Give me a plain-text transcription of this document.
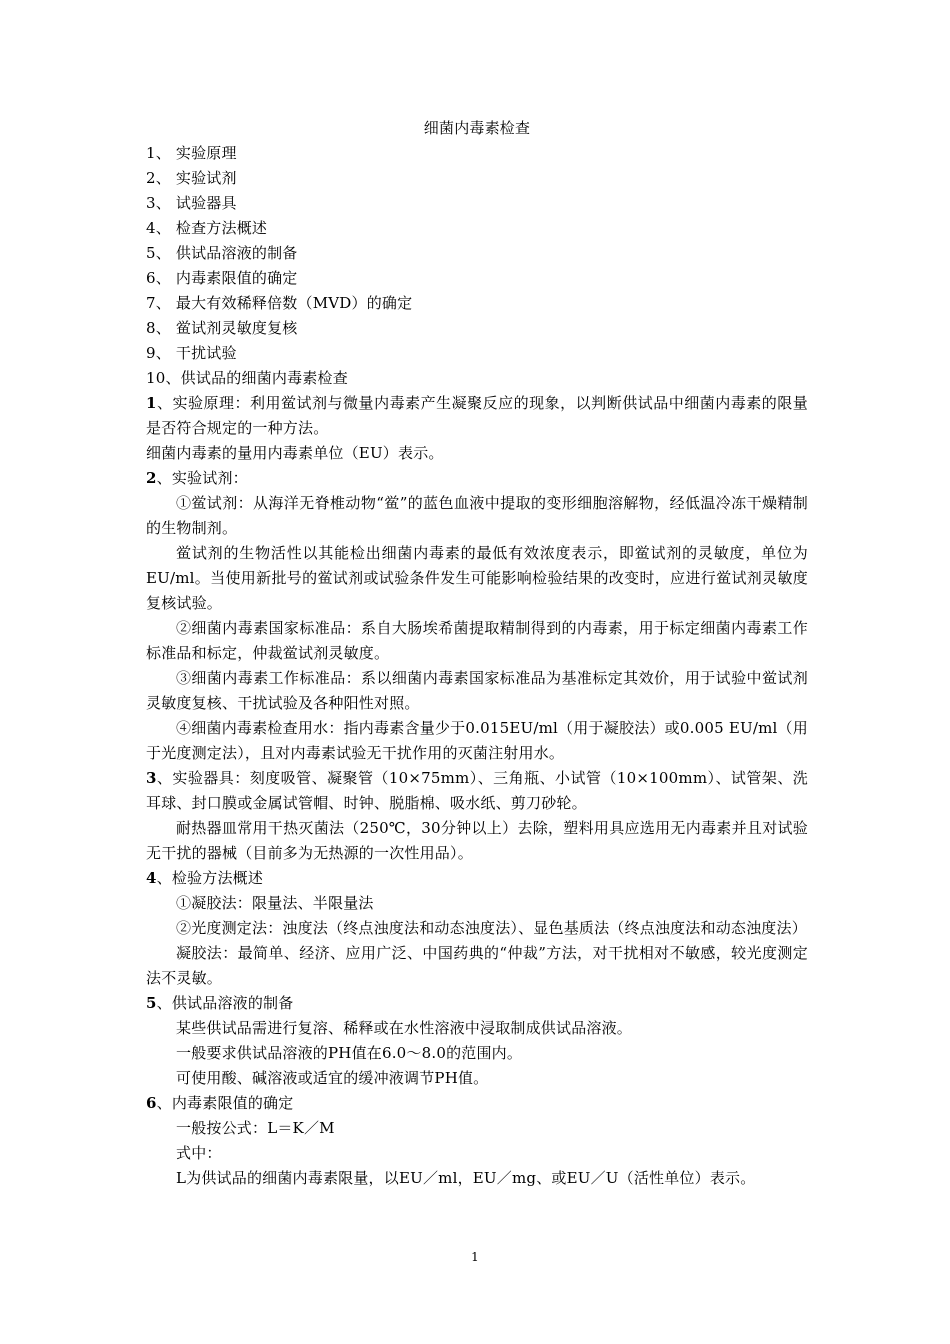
细菌内毒素检查
1、 实验原理
2、 实验试剂
3、 试验器具
4、 检查方法概述
5、 供试品溶液的制备
6、 内毒素限值的确定
7、 最大有效稀释倍数（MVD）的确定
8、 鲎试剂灵敏度复核
9、 干扰试验
10、供试品的细菌内毒素检查
1、实验原理：利用鲎试剂与微量内毒素产生凝聚反应的现象，以判断供试品中细菌内毒素的限量是否符合规定的一种方法。
细菌内毒素的量用内毒素单位（EU）表示。
2、实验试剂：
①鲎试剂：从海洋无脊椎动物“鲎”的蓝色血液中提取的变形细胞溶解物，经低温冷冻干燥精制的生物制剂。
鲎试剂的生物活性以其能检出细菌内毒素的最低有效浓度表示，即鲎试剂的灵敏度，单位为EU/ml。当使用新批号的鲎试剂或试验条件发生可能影响检验结果的改变时，应进行鲎试剂灵敏度复核试验。
②细菌内毒素国家标准品：系自大肠埃希菌提取精制得到的内毒素，用于标定细菌内毒素工作标准品和标定，仲裁鲎试剂灵敏度。
③细菌内毒素工作标准品：系以细菌内毒素国家标准品为基准标定其效价，用于试验中鲎试剂灵敏度复核、干扰试验及各种阳性对照。
④细菌内毒素检查用水：指内毒素含量少于0.015EU/ml（用于凝胶法）或0.005 EU/ml（用于光度测定法），且对内毒素试验无干扰作用的灭菌注射用水。
3、实验器具：刻度吸管、凝聚管（10×75mm）、三角瓶、小试管（10×100mm）、试管架、洗耳球、封口膜或金属试管帽、时钟、脱脂棉、吸水纸、剪刀砂轮。
耐热器皿常用干热灭菌法（250℃，30分钟以上）去除，塑料用具应选用无内毒素并且对试验无干扰的器械（目前多为无热源的一次性用品）。
4、检验方法概述
①凝胶法：限量法、半限量法
②光度测定法：浊度法（终点浊度法和动态浊度法）、显色基质法（终点浊度法和动态浊度法）
凝胶法：最简单、经济、应用广泛、中国药典的“仲裁”方法，对干扰相对不敏感，较光度测定法不灵敏。
5、供试品溶液的制备
某些供试品需进行复溶、稀释或在水性溶液中浸取制成供试品溶液。
一般要求供试品溶液的PH值在6.0～8.0的范围内。
可使用酸、碱溶液或适宜的缓冲液调节PH值。
6、内毒素限值的确定
一般按公式：L＝K／M
式中：
L为供试品的细菌内毒素限量，以EU／ml，EU／mg、或EU／U（活性单位）表示。
1
